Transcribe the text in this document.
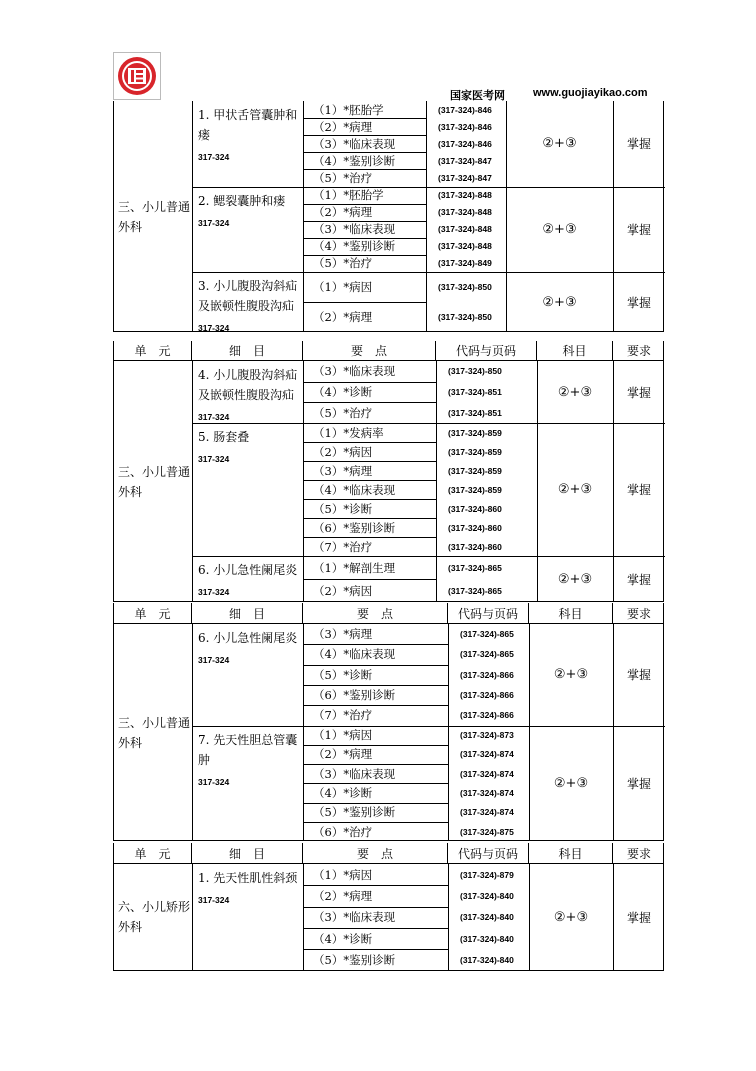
国家医考网	www.guojiayikao.com
三、小儿普通外科
1. 甲状舌管囊肿和瘘
317-324
（1）*胚胎学	(317-324)-846
（2）*病理	(317-324)-846
（3）*临床表现	(317-324)-846
（4）*鉴别诊断	(317-324)-847
（5）*治疗	(317-324)-847
②+③	掌握
2. 鳃裂囊肿和瘘
317-324
（1）*胚胎学	(317-324)-848
（2）*病理	(317-324)-848
（3）*临床表现	(317-324)-848
（4）*鉴别诊断	(317-324)-848
（5）*治疗	(317-324)-849
②+③	掌握
3. 小儿腹股沟斜疝及嵌顿性腹股沟疝
317-324
（1）*病因	(317-324)-850
（2）*病理	(317-324)-850
②+③	掌握
单　元	细　目	要　点	代码与页码	科目	要求
三、小儿普通外科
4. 小儿腹股沟斜疝及嵌顿性腹股沟疝
317-324
（3）*临床表现	(317-324)-850
（4）*诊断	(317-324)-851
（5）*治疗	(317-324)-851
②+③	掌握
5. 肠套叠
317-324
（1）*发病率	(317-324)-859
（2）*病因	(317-324)-859
（3）*病理	(317-324)-859
（4）*临床表现	(317-324)-859
（5）*诊断	(317-324)-860
（6）*鉴别诊断	(317-324)-860
（7）*治疗	(317-324)-860
②+③	掌握
6. 小儿急性阑尾炎
317-324
（1）*解剖生理	(317-324)-865
（2）*病因	(317-324)-865
②+③	掌握
单　元	细　目	要　点	代码与页码	科目	要求
三、小儿普通外科
6. 小儿急性阑尾炎
317-324
（3）*病理	(317-324)-865
（4）*临床表现	(317-324)-865
（5）*诊断	(317-324)-866
（6）*鉴别诊断	(317-324)-866
（7）*治疗	(317-324)-866
②+③	掌握
7. 先天性胆总管囊肿
317-324
（1）*病因	(317-324)-873
（2）*病理	(317-324)-874
（3）*临床表现	(317-324)-874
（4）*诊断	(317-324)-874
（5）*鉴别诊断	(317-324)-874
（6）*治疗	(317-324)-875
②+③	掌握
单　元	细　目	要　点	代码与页码	科目	要求
六、小儿矫形外科
1. 先天性肌性斜颈
317-324
（1）*病因	(317-324)-879
（2）*病理	(317-324)-840
（3）*临床表现	(317-324)-840
（4）*诊断	(317-324)-840
（5）*鉴别诊断	(317-324)-840
②+③	掌握
